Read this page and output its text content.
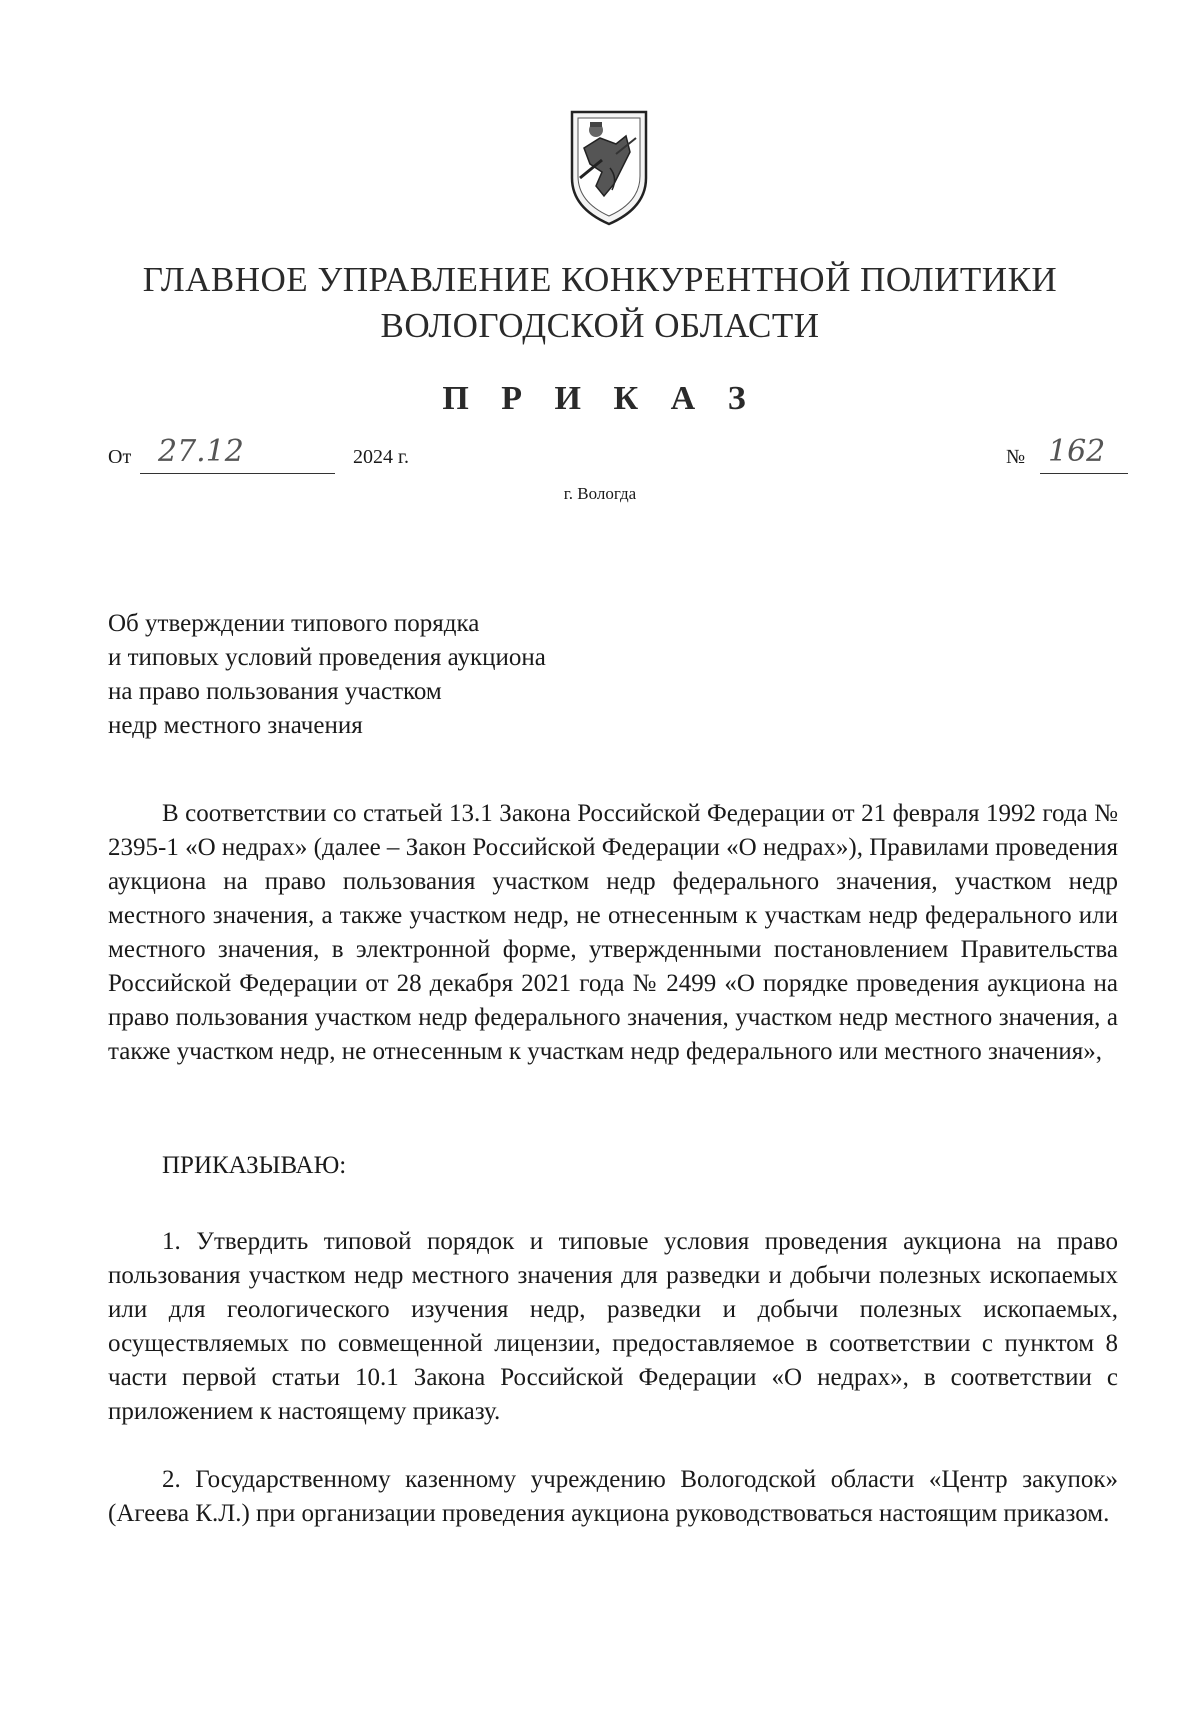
ГЛАВНОЕ УПРАВЛЕНИЕ КОНКУРЕНТНОЙ ПОЛИТИКИ
ВОЛОГОДСКОЙ ОБЛАСТИ
П Р И К А З
От 27.12	2024 г.	№ 162
г. Вологда
Об утверждении типового порядка
и типовых условий проведения аукциона
на право пользования участком
недр местного значения
В соответствии со статьей 13.1 Закона Российской Федерации от 21 февраля 1992 года № 2395-1 «О недрах» (далее – Закон Российской Федерации «О недрах»), Правилами проведения аукциона на право пользования участком недр федерального значения, участком недр местного значения, а также участком недр, не отнесенным к участкам недр федерального или местного значения, в электронной форме, утвержденными постановлением Правительства Российской Федерации от 28 декабря 2021 года № 2499 «О порядке проведения аукциона на право пользования участком недр федерального значения, участком недр местного значения, а также участком недр, не отнесенным к участкам недр федерального или местного значения»,
ПРИКАЗЫВАЮ:
1. Утвердить типовой порядок и типовые условия проведения аукциона на право пользования участком недр местного значения для разведки и добычи полезных ископаемых или для геологического изучения недр, разведки и добычи полезных ископаемых, осуществляемых по совмещенной лицензии, предоставляемое в соответствии с пунктом 8 части первой статьи 10.1 Закона Российской Федерации «О недрах», в соответствии с приложением к настоящему приказу.
2. Государственному казенному учреждению Вологодской области «Центр закупок» (Агеева К.Л.) при организации проведения аукциона руководствоваться настоящим приказом.
